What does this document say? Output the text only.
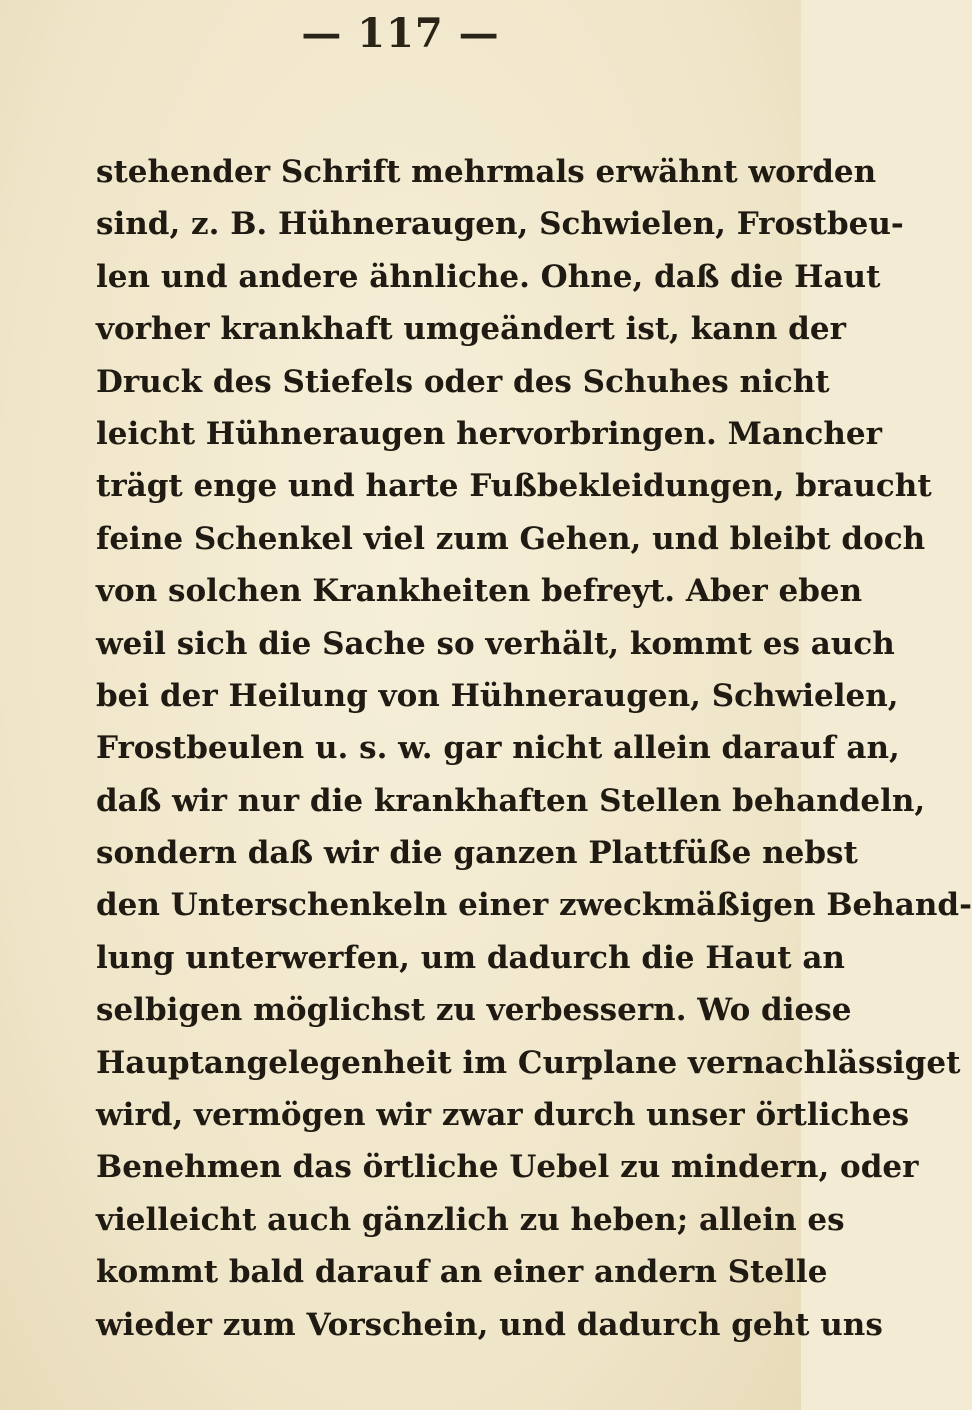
— 117 —
stehender Schrift mehrmals erwähnt worden
sind, z. B. Hühneraugen, Schwielen, Frostbeu-
len und andere ähnliche. Ohne, daß die Haut
vorher krankhaft umgeändert ist, kann der
Druck des Stiefels oder des Schuhes nicht
leicht Hühneraugen hervorbringen. Mancher
trägt enge und harte Fußbekleidungen, braucht
feine Schenkel viel zum Gehen, und bleibt doch
von solchen Krankheiten befreyt. Aber eben
weil sich die Sache so verhält, kommt es auch
bei der Heilung von Hühneraugen, Schwielen,
Frostbeulen u. s. w. gar nicht allein darauf an,
daß wir nur die krankhaften Stellen behandeln,
sondern daß wir die ganzen Plattfüße nebst
den Unterschenkeln einer zweckmäßigen Behand-
lung unterwerfen, um dadurch die Haut an
selbigen möglichst zu verbessern. Wo diese
Hauptangelegenheit im Curplane vernachlässiget
wird, vermögen wir zwar durch unser örtliches
Benehmen das örtliche Uebel zu mindern, oder
vielleicht auch gänzlich zu heben; allein es
kommt bald darauf an einer andern Stelle
wieder zum Vorschein, und dadurch geht uns
